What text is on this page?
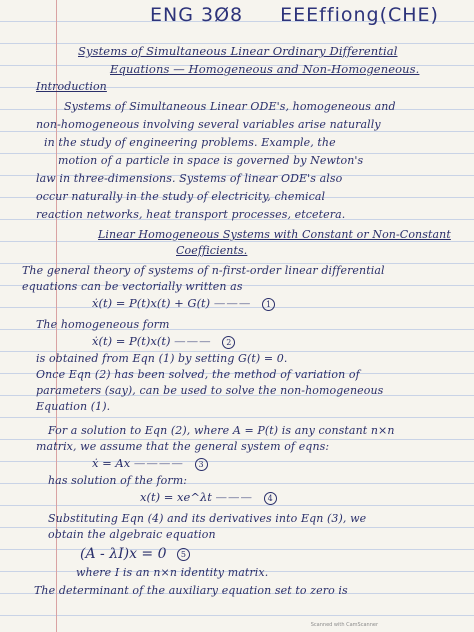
ENG 3Ø8 EEEffiong(CHE)
Systems of Simultaneous Linear Ordinary Differential
Equations — Homogeneous and Non-Homogeneous.
Introduction
Systems of Simultaneous Linear ODE's, homogeneous and
non-homogeneous involving several variables arise naturally
in the study of engineering problems. Example, the
motion of a particle in space is governed by Newton's
law in three-dimensions. Systems of linear ODE's also
occur naturally in the study of electricity, chemical
reaction networks, heat transport processes, etcetera.
Linear Homogeneous Systems with Constant or Non-Constant
Coefficients.
The general theory of systems of n-first-order linear differential
equations can be vectorially written as
ẋ(t) = P(t)x(t) + G(t) ——— 1
The homogeneous form
ẋ(t) = P(t)x(t) ——— 2
is obtained from Eqn (1) by setting G(t) = 0.
Once Eqn (2) has been solved, the method of variation of
parameters (say), can be used to solve the non-homogeneous
Equation (1).
For a solution to Eqn (2), where A = P(t) is any constant n×n
matrix, we assume that the general system of eqns:
ẋ = Ax ———— 3
has solution of the form:
x(t) = xe^λt ——— 4
Substituting Eqn (4) and its derivatives into Eqn (3), we
obtain the algebraic equation
(A - λI)x = 0 5
where I is an n×n identity matrix.
The determinant of the auxiliary equation set to zero is
Scanned with CamScanner
